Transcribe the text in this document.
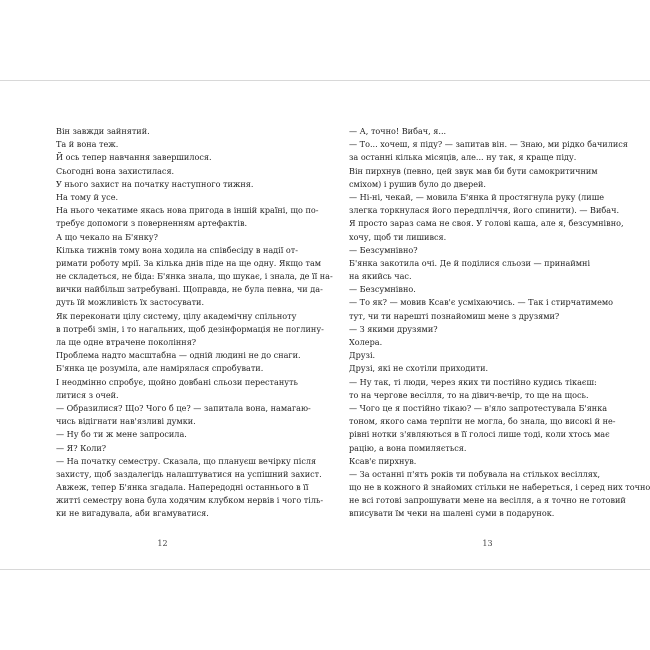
Він завжди зайнятий.
Та й вона теж.
Й ось тепер навчання завершилося.
Сьогодні вона захистилася.
У нього захист на початку наступного тижня.
На тому й усе.
На нього чекатиме якась нова пригода в іншій країні, що по-
требує допомоги з поверненням артефактів.
А що чекало на Б'янку?
Кілька тижнів тому вона ходила на співбесіду в надії от-
римати роботу мрії. За кілька днів піде на ще одну. Якщо там
не складеться, не біда: Б'янка знала, що шукає, і знала, де її на-
вички найбільш затребувані. Щоправда, не була певна, чи да-
дуть їй можливість їх застосувати.
Як переконати цілу систему, цілу академічну спільноту
в потребі змін, і то нагальних, щоб дезінформація не поглину-
ла ще одне втрачене покоління?
Проблема надто масштабна — одній людині не до снаги.
Б'янка це розуміла, але намірялася спробувати.
І неодмінно спробує, щойно довбані сльози перестануть
литися з очей.
— Образилися? Що? Чого б це? — запитала вона, намагаю-
чись відігнати нав'язливі думки.
— Ну бо ти ж мене запросила.
— Я? Коли?
— На початку семестру. Сказала, що плануєш вечірку після
захисту, щоб заздалегідь налаштуватися на успішний захист.
Авжеж, тепер Б'янка згадала. Напередодні останнього в її
житті семестру вона була ходячим клубком нервів і чого тіль-
ки не вигадувала, аби вгамуватися.
12
— А, точно! Вибач, я...
— То... хочеш, я піду? — запитав він. — Знаю, ми рідко бачилися
за останні кілька місяців, але... ну так, я краще піду.
Він пирхнув (певно, цей звук мав би бути самокритичним
сміхом) і рушив було до дверей.
— Ні-ні, чекай, — мовила Б'янка й простягнула руку (лише
злегка торкнулася його передпліччя, його спинити). — Вибач.
Я просто зараз сама не своя. У голові каша, але я, безсумнівно,
хочу, щоб ти лишився.
— Безсумнівно?
Б'янка закотила очі. Де й поділися сльози — принаймні
на якийсь час.
— Безсумнівно.
— То як? — мовив Ксав'є усміхаючись. — Так і стирчатимемо
тут, чи ти нарешті познайомиш мене з друзями?
— З якими друзями?
Холера.
Друзі.
Друзі, які не схотіли приходити.
— Ну так, ті люди, через яких ти постійно кудись тікаєш:
то на чергове весілля, то на дівич-вечір, то ще на щось.
— Чого це я постійно тікаю? — в'яло запротестувала Б'янка
тоном, якого сама терпіти не могла, бо знала, що високі й не-
рівні нотки з'являються в її голосі лише тоді, коли хтось має
рацію, а вона помиляється.
Ксав'є пирхнув.
— За останні п'ять років ти побувала на стількох весіллях,
що не в кожного й знайомих стільки не набереться, і серед них точно
не всі готові запрошувати мене на весілля, а я точно не готовий
вписувати їм чеки на шалені суми в подарунок.
13
